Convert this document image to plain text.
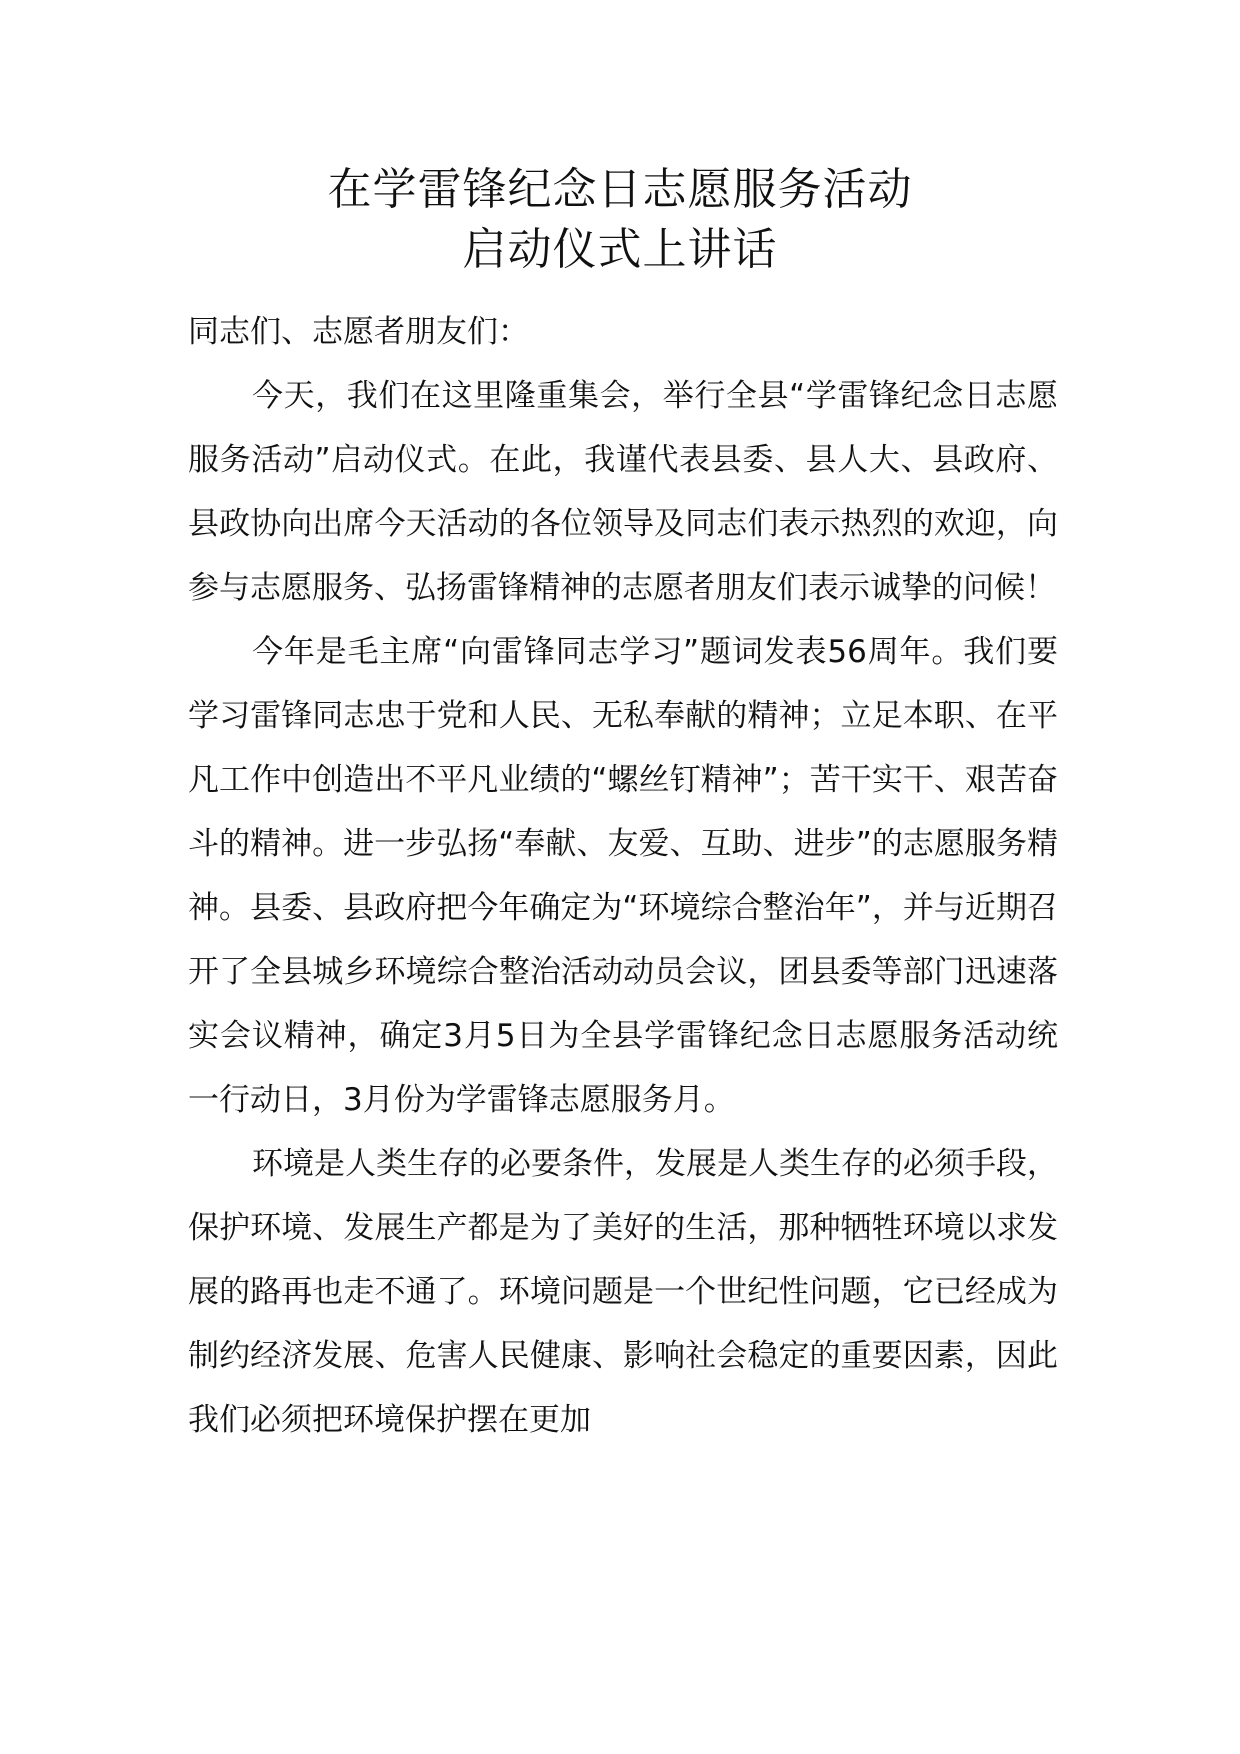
在学雷锋纪念日志愿服务活动
启动仪式上讲话

同志们、志愿者朋友们：

今天，我们在这里隆重集会，举行全县“学雷锋纪念日志愿服务活动”启动仪式。在此，我谨代表县委、县人大、县政府、县政协向出席今天活动的各位领导及同志们表示热烈的欢迎，向参与志愿服务、弘扬雷锋精神的志愿者朋友们表示诚挚的问候！

今年是毛主席“向雷锋同志学习”题词发表56周年。我们要学习雷锋同志忠于党和人民、无私奉献的精神；立足本职、在平凡工作中创造出不平凡业绩的“螺丝钉精神”；苦干实干、艰苦奋斗的精神。进一步弘扬“奉献、友爱、互助、进步”的志愿服务精神。县委、县政府把今年确定为“环境综合整治年”，并与近期召开了全县城乡环境综合整治活动动员会议，团县委等部门迅速落实会议精神，确定3月5日为全县学雷锋纪念日志愿服务活动统一行动日，3月份为学雷锋志愿服务月。

环境是人类生存的必要条件，发展是人类生存的必须手段，保护环境、发展生产都是为了美好的生活，那种牺牲环境以求发展的路再也走不通了。环境问题是一个世纪性问题，它已经成为制约经济发展、危害人民健康、影响社会稳定的重要因素，因此我们必须把环境保护摆在更加
